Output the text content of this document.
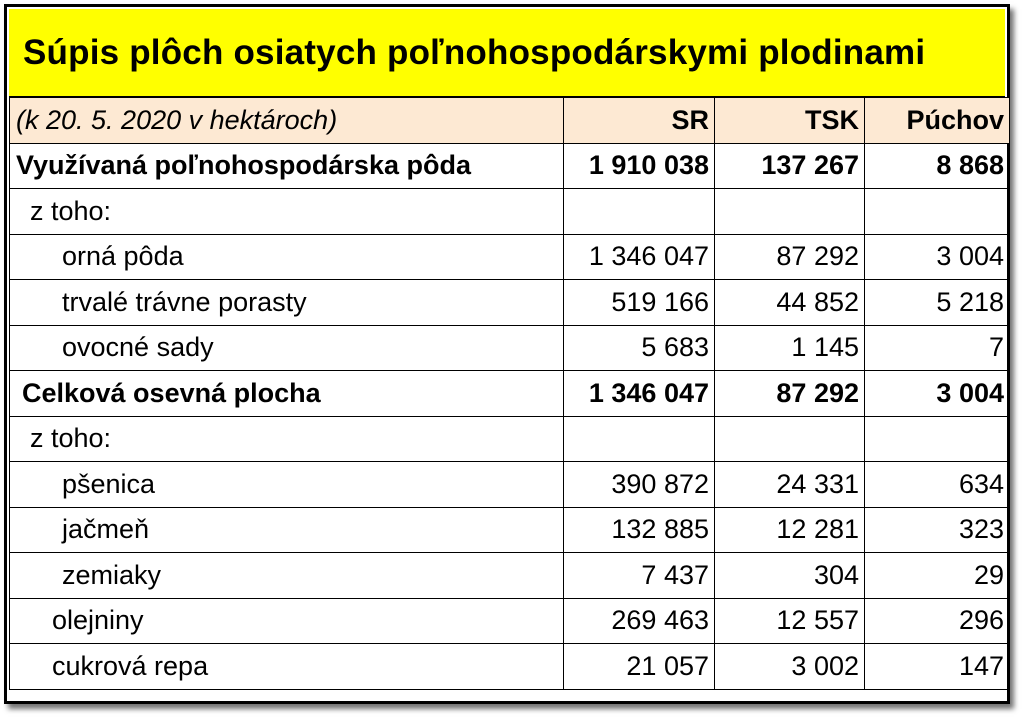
Súpis plôch osiatych poľnohospodárskymi plodinami
(k 20. 5. 2020 v hektároch)	SR	TSK	Púchov
Využívaná poľnohospodárska pôda	1 910 038	137 267	8 868
z toho:			
orná pôda	1 346 047	87 292	3 004
trvalé trávne porasty	519 166	44 852	5 218
ovocné sady	5 683	1 145	7
Celková osevná plocha	1 346 047	87 292	3 004
z toho:			
pšenica	390 872	24 331	634
jačmeň	132 885	12 281	323
zemiaky	7 437	304	29
olejniny	269 463	12 557	296
cukrová repa	21 057	3 002	147
